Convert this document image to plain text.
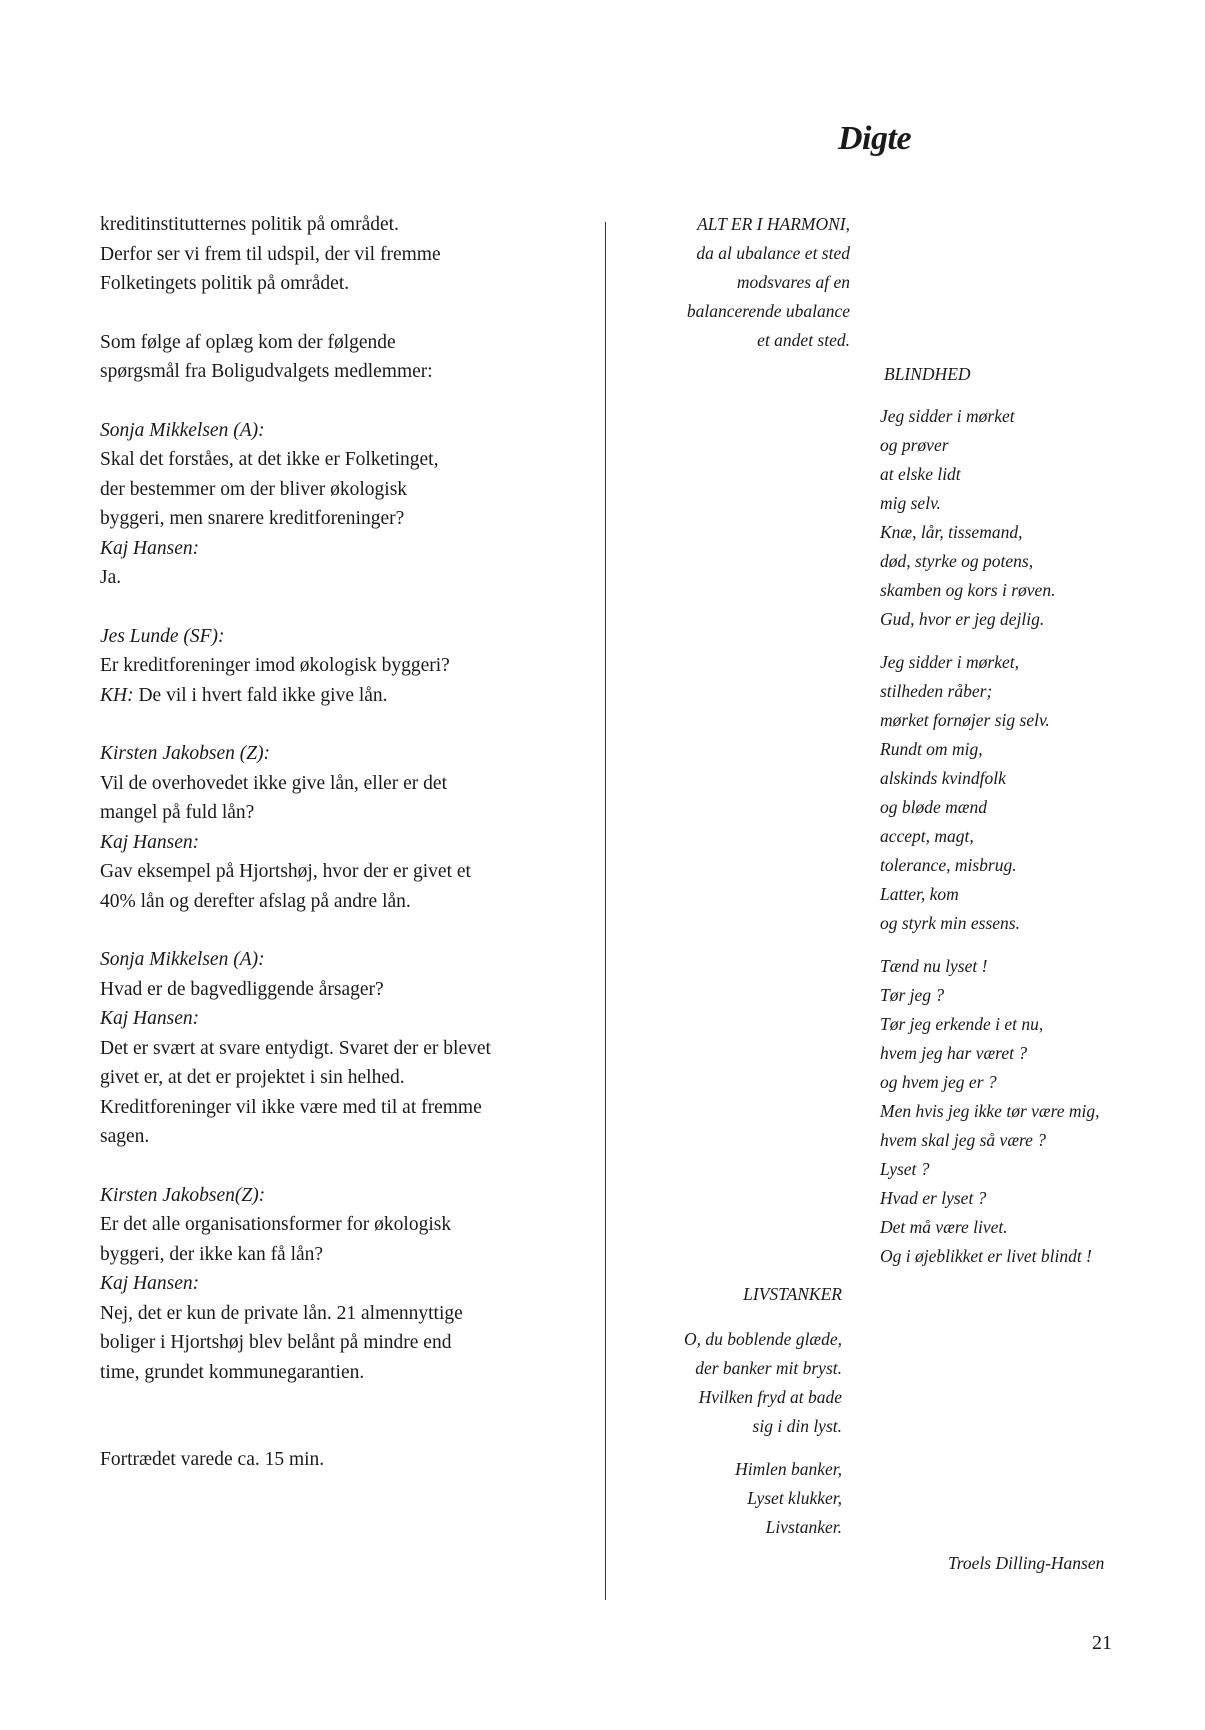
Digte

kreditinstitutternes politik på området.

Derfor ser vi frem til udspil, der vil fremme

Folketingets politik på området.

Som følge af oplæg kom der følgende

spørgsmål fra Boligudvalgets medlemmer:

Sonja Mikkelsen (A):

Skal det forståes, at det ikke er Folketinget,

der bestemmer om der bliver økologisk

byggeri, men snarere kreditforeninger?

Kaj Hansen:

Ja.

Jes Lunde (SF):

Er kreditforeninger imod økologisk byggeri?

KH: De vil i hvert fald ikke give lån.

Kirsten Jakobsen (Z):

Vil de overhovedet ikke give lån, eller er det

mangel på fuld lån?

Kaj Hansen:

Gav eksempel på Hjortshøj, hvor der er givet et

40% lån og derefter afslag på andre lån.

Sonja Mikkelsen (A):

Hvad er de bagvedliggende årsager?

Kaj Hansen:

Det er svært at svare entydigt. Svaret der er blevet

givet er, at det er projektet i sin helhed.

Kreditforeninger vil ikke være med til at fremme

sagen.

Kirsten Jakobsen(Z):

Er det alle organisationsformer for økologisk

byggeri, der ikke kan få lån?

Kaj Hansen:

Nej, det er kun de private lån. 21 almennyttige

boliger i Hjortshøj blev belånt på mindre end

time, grundet kommunegarantien.

Fortrædet varede ca. 15 min.

ALT ER I HARMONI,

da al ubalance et sted

modsvares af en

balancerende ubalance

et andet sted.

BLINDHED

Jeg sidder i mørket

og prøver

at elske lidt

mig selv.

Knæ, lår, tissemand,

død, styrke og potens,

skamben og kors i røven.

Gud, hvor er jeg dejlig.

Jeg sidder i mørket,

stilheden råber;

mørket fornøjer sig selv.

Rundt om mig,

alskinds kvindfolk

og bløde mænd

accept, magt,

tolerance, misbrug.

Latter, kom

og styrk min essens.

Tænd nu lyset !

Tør jeg ?

Tør jeg erkende i et nu,

hvem jeg har været ?

og hvem jeg er ?

Men hvis jeg ikke tør være mig,

hvem skal jeg så være ?

Lyset ?

Hvad er lyset ?

Det må være livet.

Og i øjeblikket er livet blindt !

LIVSTANKER

O, du boblende glæde,

der banker mit bryst.

Hvilken fryd at bade

sig i din lyst.

Himlen banker,

Lyset klukker,

Livstanker.

Troels Dilling-Hansen
21
